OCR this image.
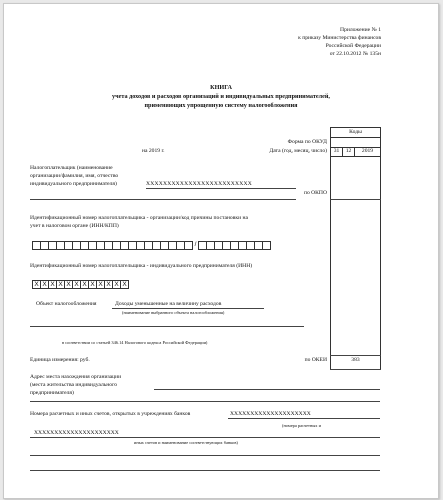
Приложение № 1
к приказу Министерства финансов
Российской Федерации
от 22.10.2012 № 135н
КНИГА
учета доходов и расходов организаций и индивидуальных предпринимателей,
применяющих упрощенную систему налогообложения
Коды
Форма по ОКУД
на 2019 г.	Дата (год, месяц, число)	31	12	2019
Налогоплательщик (наименование
организации/фамилия, имя, отчество
индивидуального предпринимателя)	XXXXXXXXXXXXXXXXXXXXXXXXX
по ОКПО
Идентификационный номер налогоплательщика - организации/код причины постановки на
учет в налоговом органе (ИНН/КПП)
/
Идентификационный номер налогоплательщика - индивидуального предпринимателя (ИНН)
X X X X X X X X X X X X
Объект налогообложения	Доходы уменьшенные на величину расходов
(наименование выбранного объекта налогообложения)
в соответствии со статьей 346.14 Налогового кодекса Российской Федерации)
Единица измерения: руб.	по ОКЕИ	383
Адрес места нахождения организации
(места жительства индивидуального
предпринимателя)
Номера расчетных и иных счетов, открытых в учреждениях банков	XXXXXXXXXXXXXXXXXXXX
(номера расчетных и
XXXXXXXXXXXXXXXXXXXXX
иных счетов и наименование соответствующих банков)
